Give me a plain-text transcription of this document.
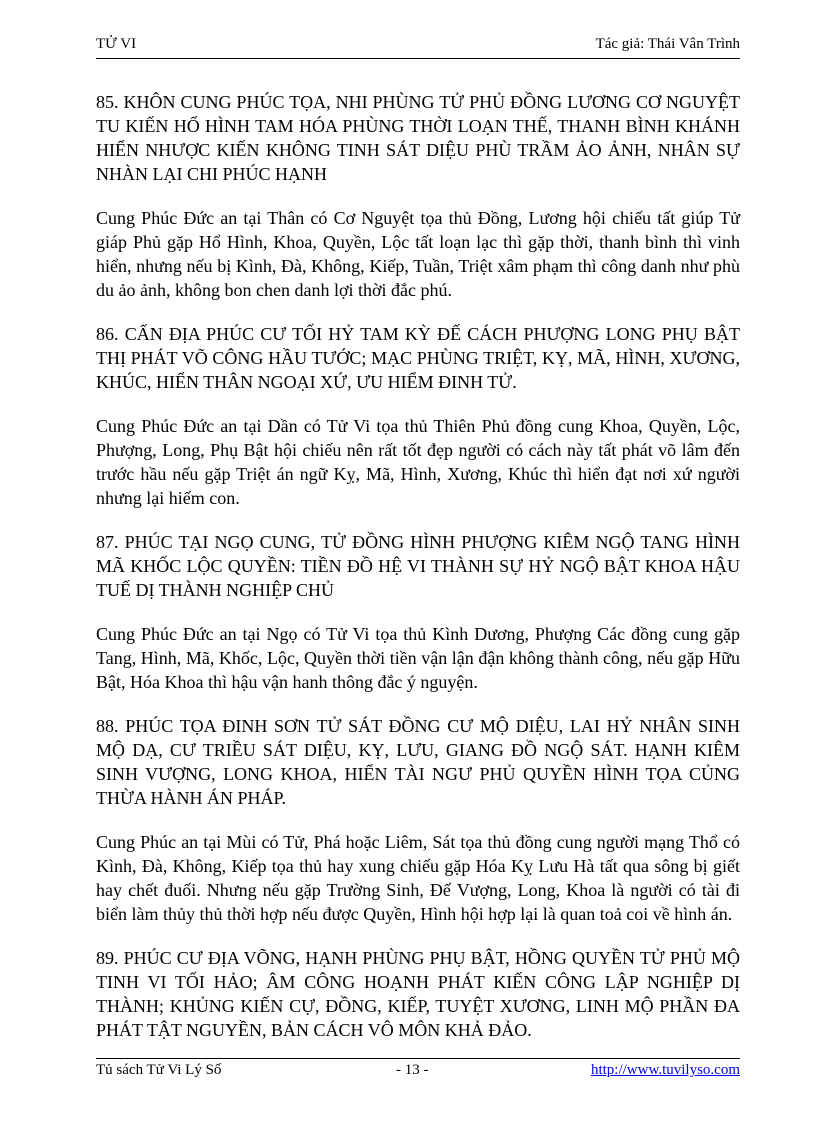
TỬ VI	Tác giả: Thái Vân Trình

85. KHÔN CUNG PHÚC TỌA, NHI PHÙNG TỬ PHỦ ĐỒNG LƯƠNG CƠ NGUYỆT TU KIẾN HỔ HÌNH TAM HÓA PHÙNG THỜI LOẠN THẾ, THANH BÌNH KHÁNH HIỂN NHƯỢC KIẾN KHÔNG TINH SÁT DIỆU PHÙ TRẦM ẢO ẢNH, NHÂN SỰ NHÀN LẠI CHI PHÚC HẠNH

Cung Phúc Đức an tại Thân có Cơ Nguyệt tọa thủ Đồng, Lương hội chiếu tất giúp Tử giáp Phủ gặp Hổ Hình, Khoa, Quyền, Lộc tất loạn lạc thì gặp thời, thanh bình thì vinh hiển, nhưng nếu bị Kình, Đà, Không, Kiếp, Tuần, Triệt xâm phạm thì công danh như phù du ảo ảnh, không bon chen danh lợi thời đắc phú.

86. CẤN ĐỊA PHÚC CƯ TỐI HỶ TAM KỲ ĐẾ CÁCH PHƯỢNG LONG PHỤ BẬT THỊ PHÁT VÕ CÔNG HẦU TƯỚC; MẠC PHÙNG TRIỆT, KỴ, MÃ, HÌNH, XƯƠNG, KHÚC, HIỂN THÂN NGOẠI XỨ, ƯU HIỂM ĐINH TỬ.

Cung Phúc Đức an tại Dần có Tử Vi tọa thủ Thiên Phủ đồng cung Khoa, Quyền, Lộc, Phượng, Long, Phụ Bật hội chiếu nên rất tốt đẹp người có cách này tất phát võ lâm đến trước hầu nếu gặp Triệt án ngữ Kỵ, Mã, Hình, Xương, Khúc thì hiển đạt nơi xứ người nhưng lại hiếm con.

87. PHÚC TẠI NGỌ CUNG, TỬ ĐỒNG HÌNH PHƯỢNG KIÊM NGỘ TANG HÌNH MÃ KHỐC LỘC QUYỀN: TIỀN ĐỒ HỆ VI THÀNH SỰ HỶ NGỘ BẬT KHOA HẬU TUẾ DỊ THÀNH NGHIỆP CHỦ

Cung Phúc Đức an tại Ngọ có Tử Vi tọa thủ Kình Dương, Phượng Các đồng cung gặp Tang, Hình, Mã, Khốc, Lộc, Quyền thời tiền vận lận đận không thành công, nếu gặp Hữu Bật, Hóa Khoa thì hậu vận hanh thông đắc ý nguyện.

88. PHÚC TỌA ĐINH SƠN TỬ SÁT ĐỒNG CƯ MỘ DIỆU, LAI HỶ NHÂN SINH MỘ DẠ, CƯ TRIỀU SÁT DIỆU, KỴ, LƯU, GIANG ĐỒ NGỘ SÁT. HẠNH KIÊM SINH VƯỢNG, LONG KHOA, HIỂN TÀI NGƯ PHỦ QUYỀN HÌNH TỌA CỦNG THỪA HÀNH ÁN PHÁP.

Cung Phúc an tại Mùi có Tử, Phá hoặc Liêm, Sát tọa thủ đồng cung người mạng Thổ có Kình, Đà, Không, Kiếp tọa thủ hay xung chiếu gặp Hóa Kỵ Lưu Hà tất qua sông bị giết hay chết đuối. Nhưng nếu gặp Trường Sinh, Đế Vượng, Long, Khoa là người có tài đi biển làm thủy thủ thời hợp nếu được Quyền, Hình hội hợp lại là quan toả coi về hình án.

89. PHÚC CƯ ĐỊA VÕNG, HẠNH PHÙNG PHỤ BẬT, HỒNG QUYỀN TỬ PHỦ MỘ TINH VI TỐI HẢO; ÂM CÔNG HOẠNH PHÁT KIẾN CÔNG LẬP NGHIỆP DỊ THÀNH; KHỦNG KIẾN CỰ, ĐỒNG, KIẾP, TUYỆT XƯƠNG, LINH MỘ PHẦN ĐA PHÁT TẬT NGUYỀN, BẢN CÁCH VÔ MÔN KHẢ ĐẢO.

Tủ sách Tử Vi Lý Số	- 13 -	http://www.tuvilyso.com
